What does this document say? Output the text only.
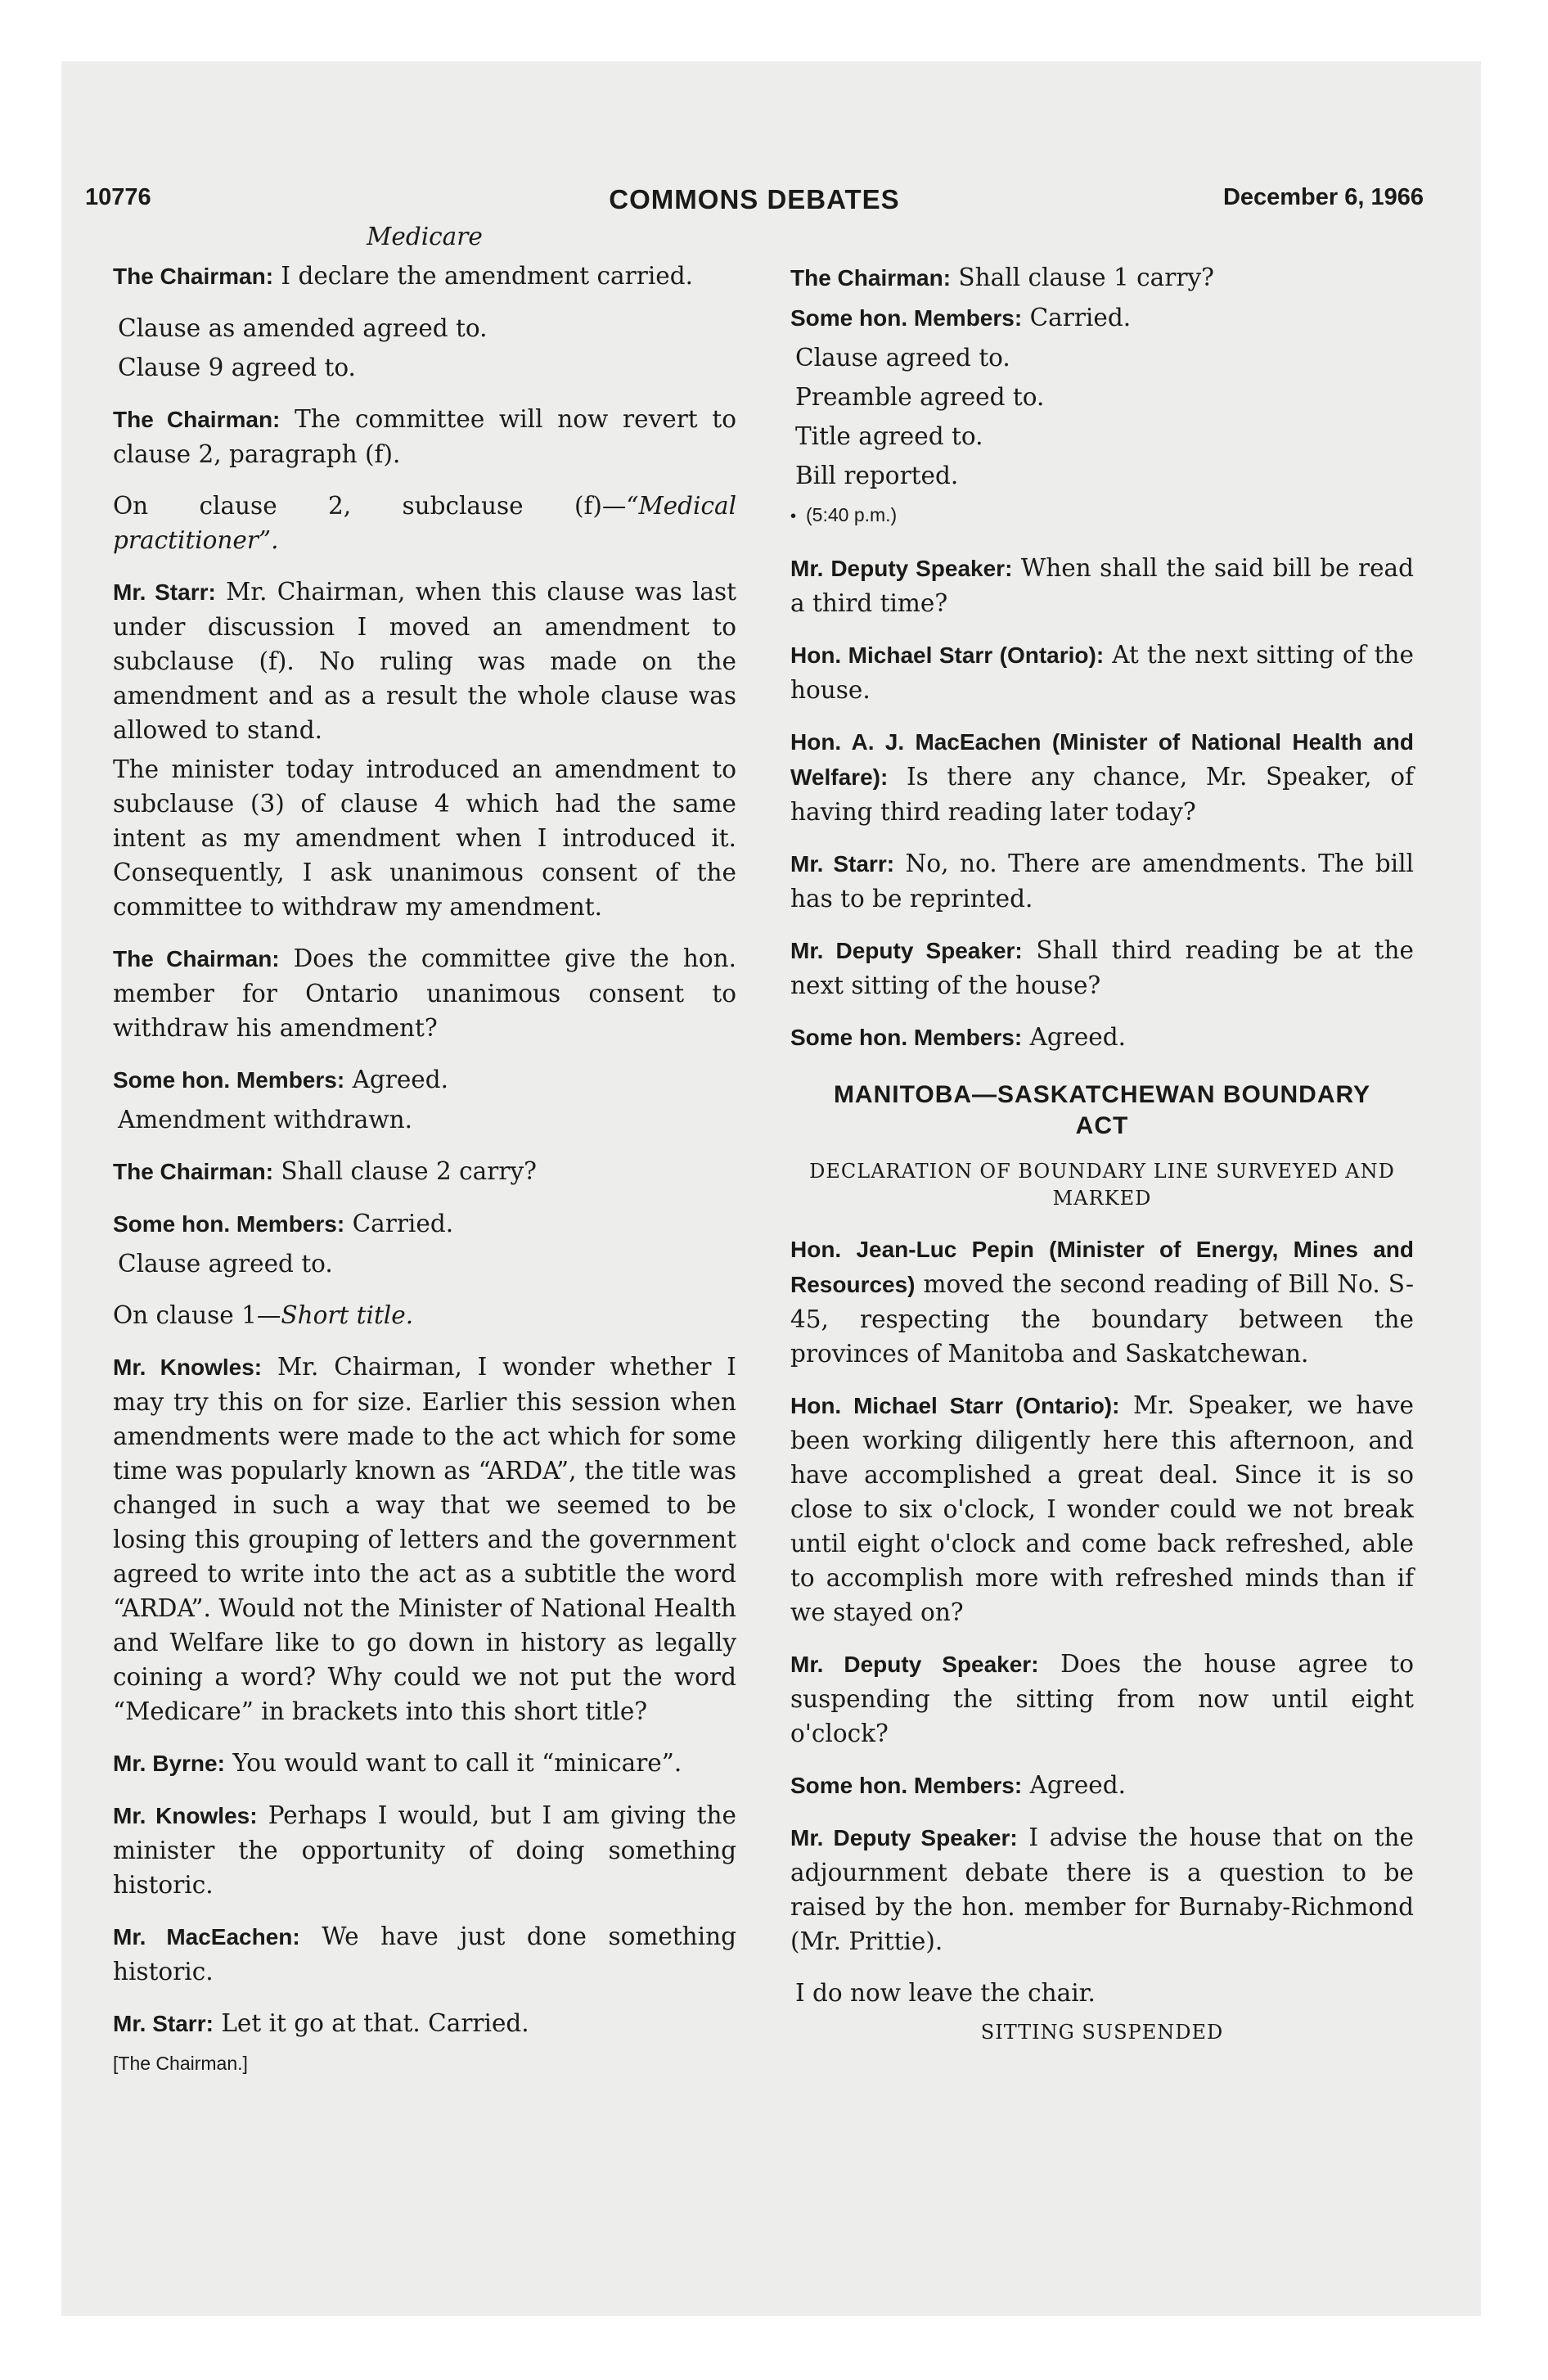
10776	COMMONS DEBATES	December 6, 1966
Medicare

The Chairman: I declare the amendment carried.

Clause as amended agreed to.

Clause 9 agreed to.

The Chairman: The committee will now revert to clause 2, paragraph (f).

On clause 2, subclause (f)—“Medical practitioner”.

Mr. Starr: Mr. Chairman, when this clause was last under discussion I moved an amendment to subclause (f). No ruling was made on the amendment and as a result the whole clause was allowed to stand.

The minister today introduced an amendment to subclause (3) of clause 4 which had the same intent as my amendment when I introduced it. Consequently, I ask unanimous consent of the committee to withdraw my amendment.

The Chairman: Does the committee give the hon. member for Ontario unanimous consent to withdraw his amendment?

Some hon. Members: Agreed.

Amendment withdrawn.

The Chairman: Shall clause 2 carry?

Some hon. Members: Carried.

Clause agreed to.

On clause 1—Short title.

Mr. Knowles: Mr. Chairman, I wonder whether I may try this on for size. Earlier this session when amendments were made to the act which for some time was popularly known as “ARDA”, the title was changed in such a way that we seemed to be losing this grouping of letters and the government agreed to write into the act as a subtitle the word “ARDA”. Would not the Minister of National Health and Welfare like to go down in history as legally coining a word? Why could we not put the word “Medicare” in brackets into this short title?

Mr. Byrne: You would want to call it “minicare”.

Mr. Knowles: Perhaps I would, but I am giving the minister the opportunity of doing something historic.

Mr. MacEachen: We have just done something historic.

Mr. Starr: Let it go at that. Carried.

[The Chairman.]

The Chairman: Shall clause 1 carry?

Some hon. Members: Carried.

Clause agreed to.

Preamble agreed to.

Title agreed to.

Bill reported.

• (5:40 p.m.)

Mr. Deputy Speaker: When shall the said bill be read a third time?

Hon. Michael Starr (Ontario): At the next sitting of the house.

Hon. A. J. MacEachen (Minister of National Health and Welfare): Is there any chance, Mr. Speaker, of having third reading later today?

Mr. Starr: No, no. There are amendments. The bill has to be reprinted.

Mr. Deputy Speaker: Shall third reading be at the next sitting of the house?

Some hon. Members: Agreed.

MANITOBA—SASKATCHEWAN BOUNDARY ACT
DECLARATION OF BOUNDARY LINE SURVEYED AND MARKED

Hon. Jean-Luc Pepin (Minister of Energy, Mines and Resources) moved the second reading of Bill No. S-45, respecting the boundary between the provinces of Manitoba and Saskatchewan.

Hon. Michael Starr (Ontario): Mr. Speaker, we have been working diligently here this afternoon, and have accomplished a great deal. Since it is so close to six o'clock, I wonder could we not break until eight o'clock and come back refreshed, able to accomplish more with refreshed minds than if we stayed on?

Mr. Deputy Speaker: Does the house agree to suspending the sitting from now until eight o'clock?

Some hon. Members: Agreed.

Mr. Deputy Speaker: I advise the house that on the adjournment debate there is a question to be raised by the hon. member for Burnaby-Richmond (Mr. Prittie).

I do now leave the chair.

SITTING SUSPENDED
